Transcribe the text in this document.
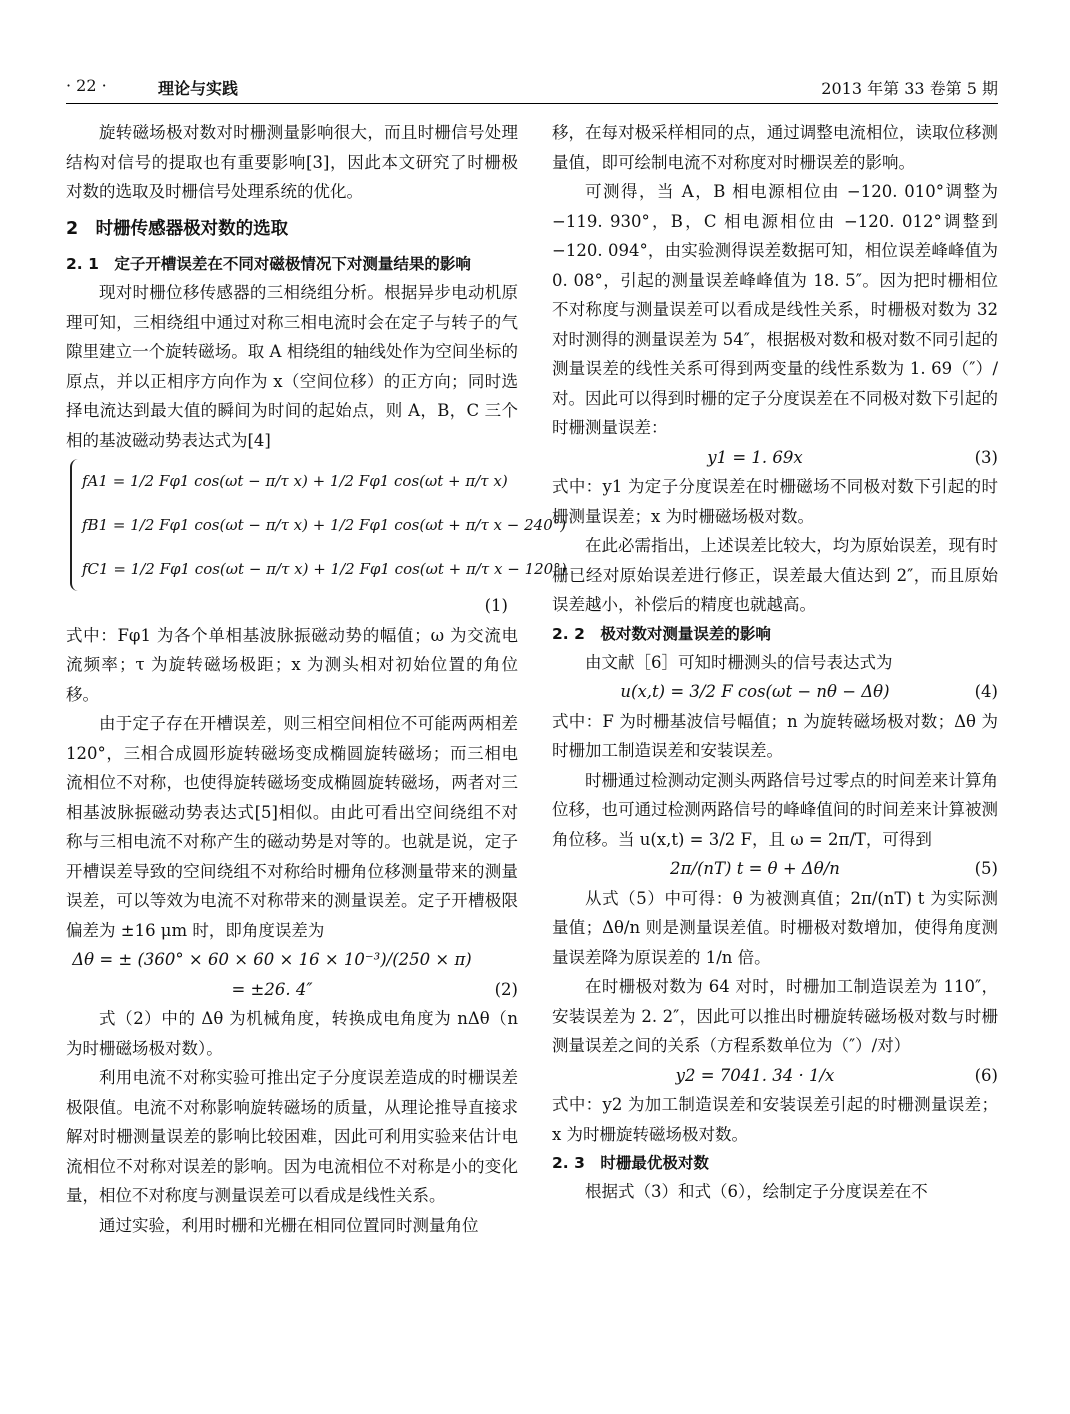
· 22 ·	理论与实践	2013 年第 33 卷第 5 期

旋转磁场极对数对时栅测量影响很大，而且时栅信号处理结构对信号的提取也有重要影响[3]，因此本文研究了时栅极对数的选取及时栅信号处理系统的优化。

2　时栅传感器极对数的选取
2. 1　定子开槽误差在不同对磁极情况下对测量结果的影响

现对时栅位移传感器的三相绕组分析。根据异步电动机原理可知，三相绕组中通过对称三相电流时会在定子与转子的气隙里建立一个旋转磁场。取 A 相绕组的轴线处作为空间坐标的原点，并以正相序方向作为 x（空间位移）的正方向；同时选择电流达到最大值的瞬间为时间的起始点，则 A，B，C 三个相的基波磁动势表达式为[4]

fA1 = 1/2 Fφ1 cos(ωt − π/τ x) + 1/2 Fφ1 cos(ωt + π/τ x)
fB1 = 1/2 Fφ1 cos(ωt − π/τ x) + 1/2 Fφ1 cos(ωt + π/τ x − 240°)
fC1 = 1/2 Fφ1 cos(ωt − π/τ x) + 1/2 Fφ1 cos(ωt + π/τ x − 120°)
(1)

式中：Fφ1 为各个单相基波脉振磁动势的幅值；ω 为交流电流频率；τ 为旋转磁场极距；x 为测头相对初始位置的角位移。

由于定子存在开槽误差，则三相空间相位不可能两两相差 120°，三相合成圆形旋转磁场变成椭圆旋转磁场；而三相电流相位不对称，也使得旋转磁场变成椭圆旋转磁场，两者对三相基波脉振磁动势表达式[5]相似。由此可看出空间绕组不对称与三相电流不对称产生的磁动势是对等的。也就是说，定子开槽误差导致的空间绕组不对称给时栅角位移测量带来的测量误差，可以等效为电流不对称带来的测量误差。定子开槽极限偏差为 ±16 μm 时，即角度误差为

Δθ = ± (360° × 60 × 60 × 16 × 10⁻³)/(250 × π) = ±26. 4″	(2)

式（2）中的 Δθ 为机械角度，转换成电角度为 nΔθ（n 为时栅磁场极对数）。

利用电流不对称实验可推出定子分度误差造成的时栅误差极限值。电流不对称影响旋转磁场的质量，从理论推导直接求解对时栅测量误差的影响比较困难，因此可利用实验来估计电流相位不对称对误差的影响。因为电流相位不对称是小的变化量，相位不对称度与测量误差可以看成是线性关系。

通过实验，利用时栅和光栅在相同位置同时测量角位

移，在每对极采样相同的点，通过调整电流相位，读取位移测量值，即可绘制电流不对称度对时栅误差的影响。

可测得，当 A，B 相电源相位由 −120. 010°调整为 −119. 930°，B，C 相电源相位由 −120. 012°调整到 −120. 094°，由实验测得误差数据可知，相位误差峰峰值为 0. 08°，引起的测量误差峰峰值为 18. 5″。因为把时栅相位不对称度与测量误差可以看成是线性关系，时栅极对数为 32 对时测得的测量误差为 54″，根据极对数和极对数不同引起的测量误差的线性关系可得到两变量的线性系数为 1. 69（″）/对。因此可以得到时栅的定子分度误差在不同极对数下引起的时栅测量误差：

y1 = 1. 69x	(3)

式中：y1 为定子分度误差在时栅磁场不同极对数下引起的时栅测量误差；x 为时栅磁场极对数。

在此必需指出，上述误差比较大，均为原始误差，现有时栅已经对原始误差进行修正，误差最大值达到 2″，而且原始误差越小，补偿后的精度也就越高。

2. 2　极对数对测量误差的影响

由文献［6］可知时栅测头的信号表达式为

u(x,t) = 3/2 F cos(ωt − nθ − Δθ)	(4)

式中：F 为时栅基波信号幅值；n 为旋转磁场极对数；Δθ 为时栅加工制造误差和安装误差。

时栅通过检测动定测头两路信号过零点的时间差来计算角位移，也可通过检测两路信号的峰峰值间的时间差来计算被测角位移。当 u(x,t) = 3/2 F，且 ω = 2π/T，可得到

2π/(nT) t = θ + Δθ/n	(5)

从式（5）中可得：θ 为被测真值；2π/(nT) t 为实际测量值；Δθ/n 则是测量误差值。时栅极对数增加，使得角度测量误差降为原误差的 1/n 倍。

在时栅极对数为 64 对时，时栅加工制造误差为 110″，安装误差为 2. 2″，因此可以推出时栅旋转磁场极对数与时栅测量误差之间的关系（方程系数单位为（″）/对）

y2 = 7041. 34 · 1/x	(6)

式中：y2 为加工制造误差和安装误差引起的时栅测量误差；x 为时栅旋转磁场极对数。

2. 3　时栅最优极对数

根据式（3）和式（6），绘制定子分度误差在不
